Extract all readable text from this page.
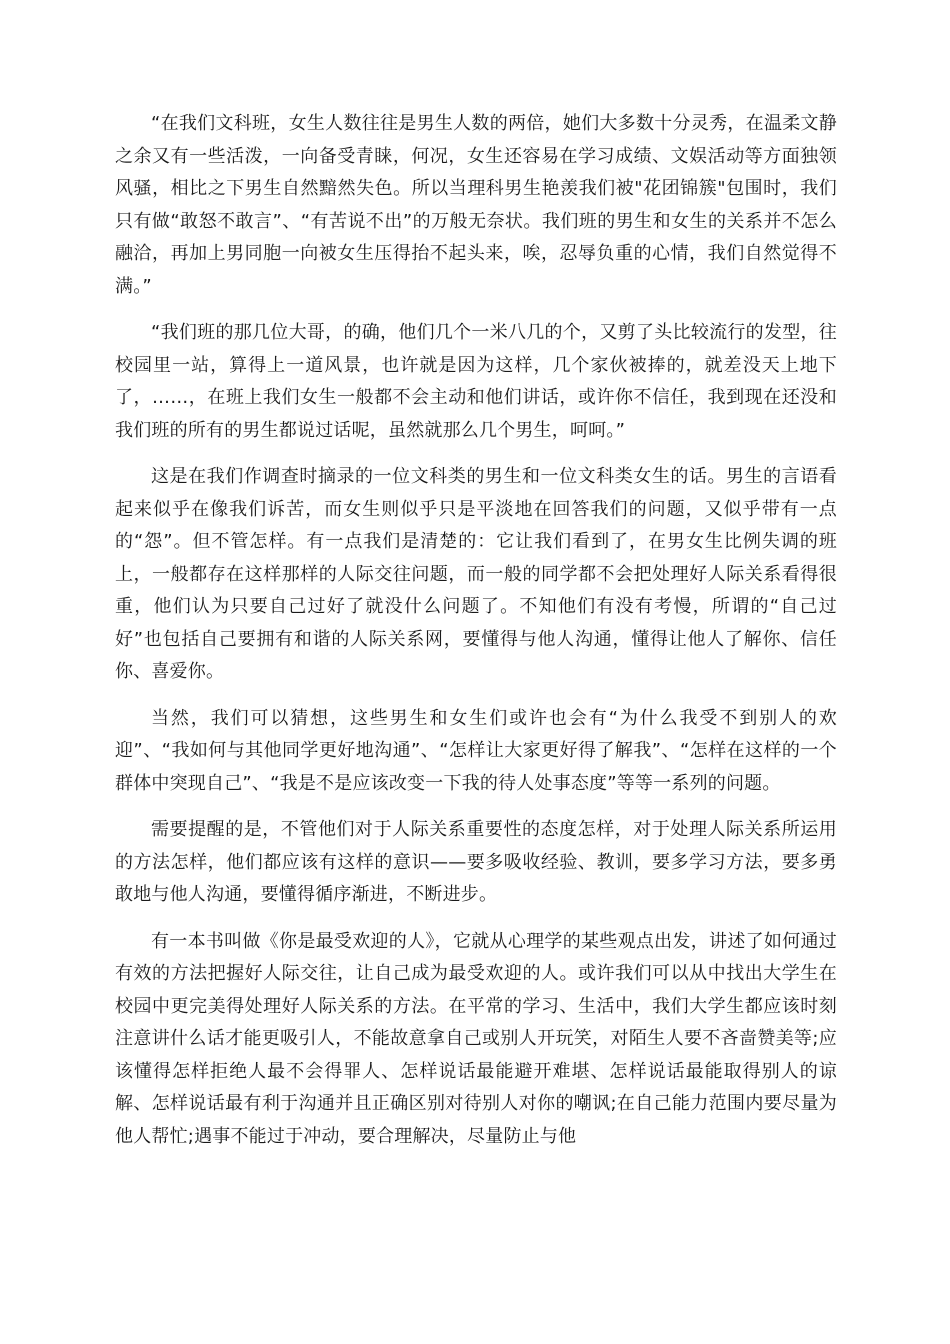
“在我们文科班，女生人数往往是男生人数的两倍，她们大多数十分灵秀，在温柔文静之余又有一些活泼，一向备受青睐，何况，女生还容易在学习成绩、文娱活动等方面独领风骚，相比之下男生自然黯然失色。所以当理科男生艳羡我们被"花团锦簇"包围时，我们只有做“敢怒不敢言”、“有苦说不出”的万般无奈状。我们班的男生和女生的关系并不怎么融洽，再加上男同胞一向被女生压得抬不起头来，唉，忍辱负重的心情，我们自然觉得不满。”

“我们班的那几位大哥，的确，他们几个一米八几的个，又剪了头比较流行的发型，往校园里一站，算得上一道风景，也许就是因为这样，几个家伙被捧的，就差没天上地下了，……，在班上我们女生一般都不会主动和他们讲话，或许你不信任，我到现在还没和我们班的所有的男生都说过话呢，虽然就那么几个男生，呵呵。”

这是在我们作调查时摘录的一位文科类的男生和一位文科类女生的话。男生的言语看起来似乎在像我们诉苦，而女生则似乎只是平淡地在回答我们的问题，又似乎带有一点的“怨”。但不管怎样。有一点我们是清楚的：它让我们看到了，在男女生比例失调的班上，一般都存在这样那样的人际交往问题，而一般的同学都不会把处理好人际关系看得很重，他们认为只要自己过好了就没什么问题了。不知他们有没有考慢，所谓的“自己过好”也包括自己要拥有和谐的人际关系网，要懂得与他人沟通，懂得让他人了解你、信任你、喜爱你。

当然，我们可以猜想，这些男生和女生们或许也会有“为什么我受不到别人的欢迎”、“我如何与其他同学更好地沟通”、“怎样让大家更好得了解我”、“怎样在这样的一个群体中突现自己”、“我是不是应该改变一下我的待人处事态度”等等一系列的问题。

需要提醒的是，不管他们对于人际关系重要性的态度怎样，对于处理人际关系所运用的方法怎样，他们都应该有这样的意识——要多吸收经验、教训，要多学习方法，要多勇敢地与他人沟通，要懂得循序渐进，不断进步。

有一本书叫做《你是最受欢迎的人》，它就从心理学的某些观点出发，讲述了如何通过有效的方法把握好人际交往，让自己成为最受欢迎的人。或许我们可以从中找出大学生在校园中更完美得处理好人际关系的方法。在平常的学习、生活中，我们大学生都应该时刻注意讲什么话才能更吸引人，不能故意拿自己或别人开玩笑，对陌生人要不吝啬赞美等;应该懂得怎样拒绝人最不会得罪人、怎样说话最能避开难堪、怎样说话最能取得别人的谅解、怎样说话最有利于沟通并且正确区别对待别人对你的嘲讽;在自己能力范围内要尽量为他人帮忙;遇事不能过于冲动，要合理解决，尽量防止与他
